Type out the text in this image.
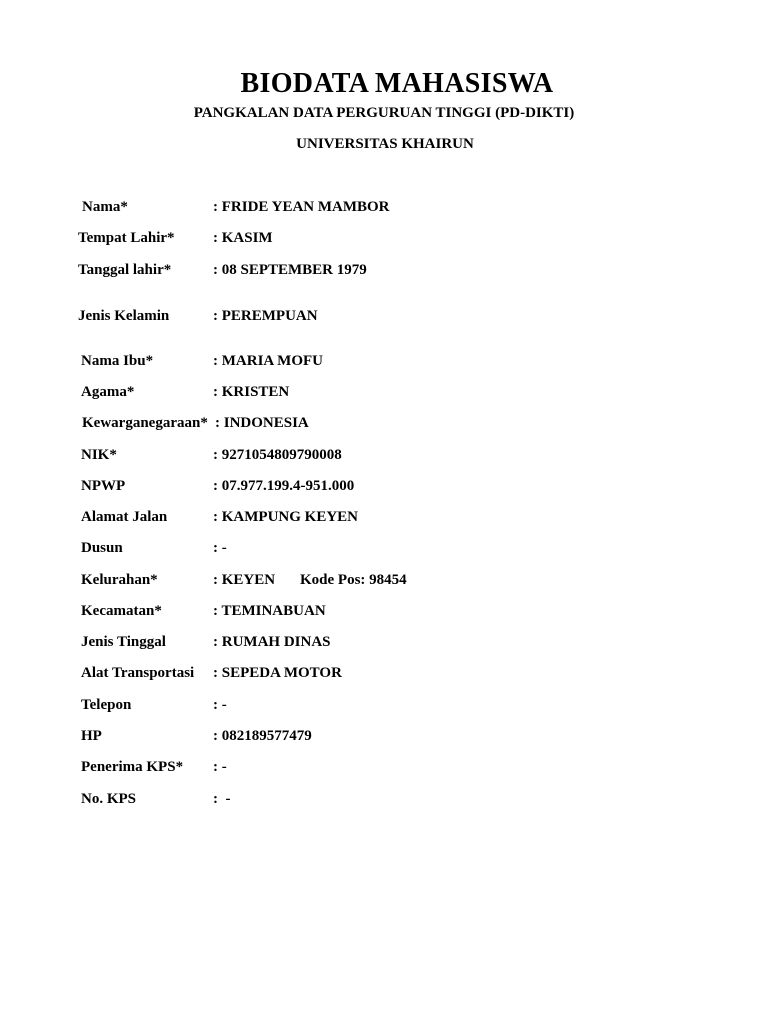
BIODATA MAHASISWA
PANGKALAN DATA PERGURUAN TINGGI (PD-DIKTI)
UNIVERSITAS KHAIRUN
Nama*	: FRIDE YEAN MAMBOR
Tempat Lahir*	: KASIM
Tanggal lahir*	: 08 SEPTEMBER 1979
Jenis Kelamin	: PEREMPUAN
Nama Ibu*	: MARIA MOFU
Agama*	: KRISTEN
Kewarganegaraan* : INDONESIA
NIK*	: 9271054809790008
NPWP	: 07.977.199.4-951.000
Alamat Jalan	: KAMPUNG KEYEN
Dusun	: -
Kelurahan*	: KEYEN Kode Pos: 98454
Kecamatan*	: TEMINABUAN
Jenis Tinggal	: RUMAH DINAS
Alat Transportasi : SEPEDA MOTOR
Telepon	: -
HP	: 082189577479
Penerima KPS* : -
No. KPS	:  -
